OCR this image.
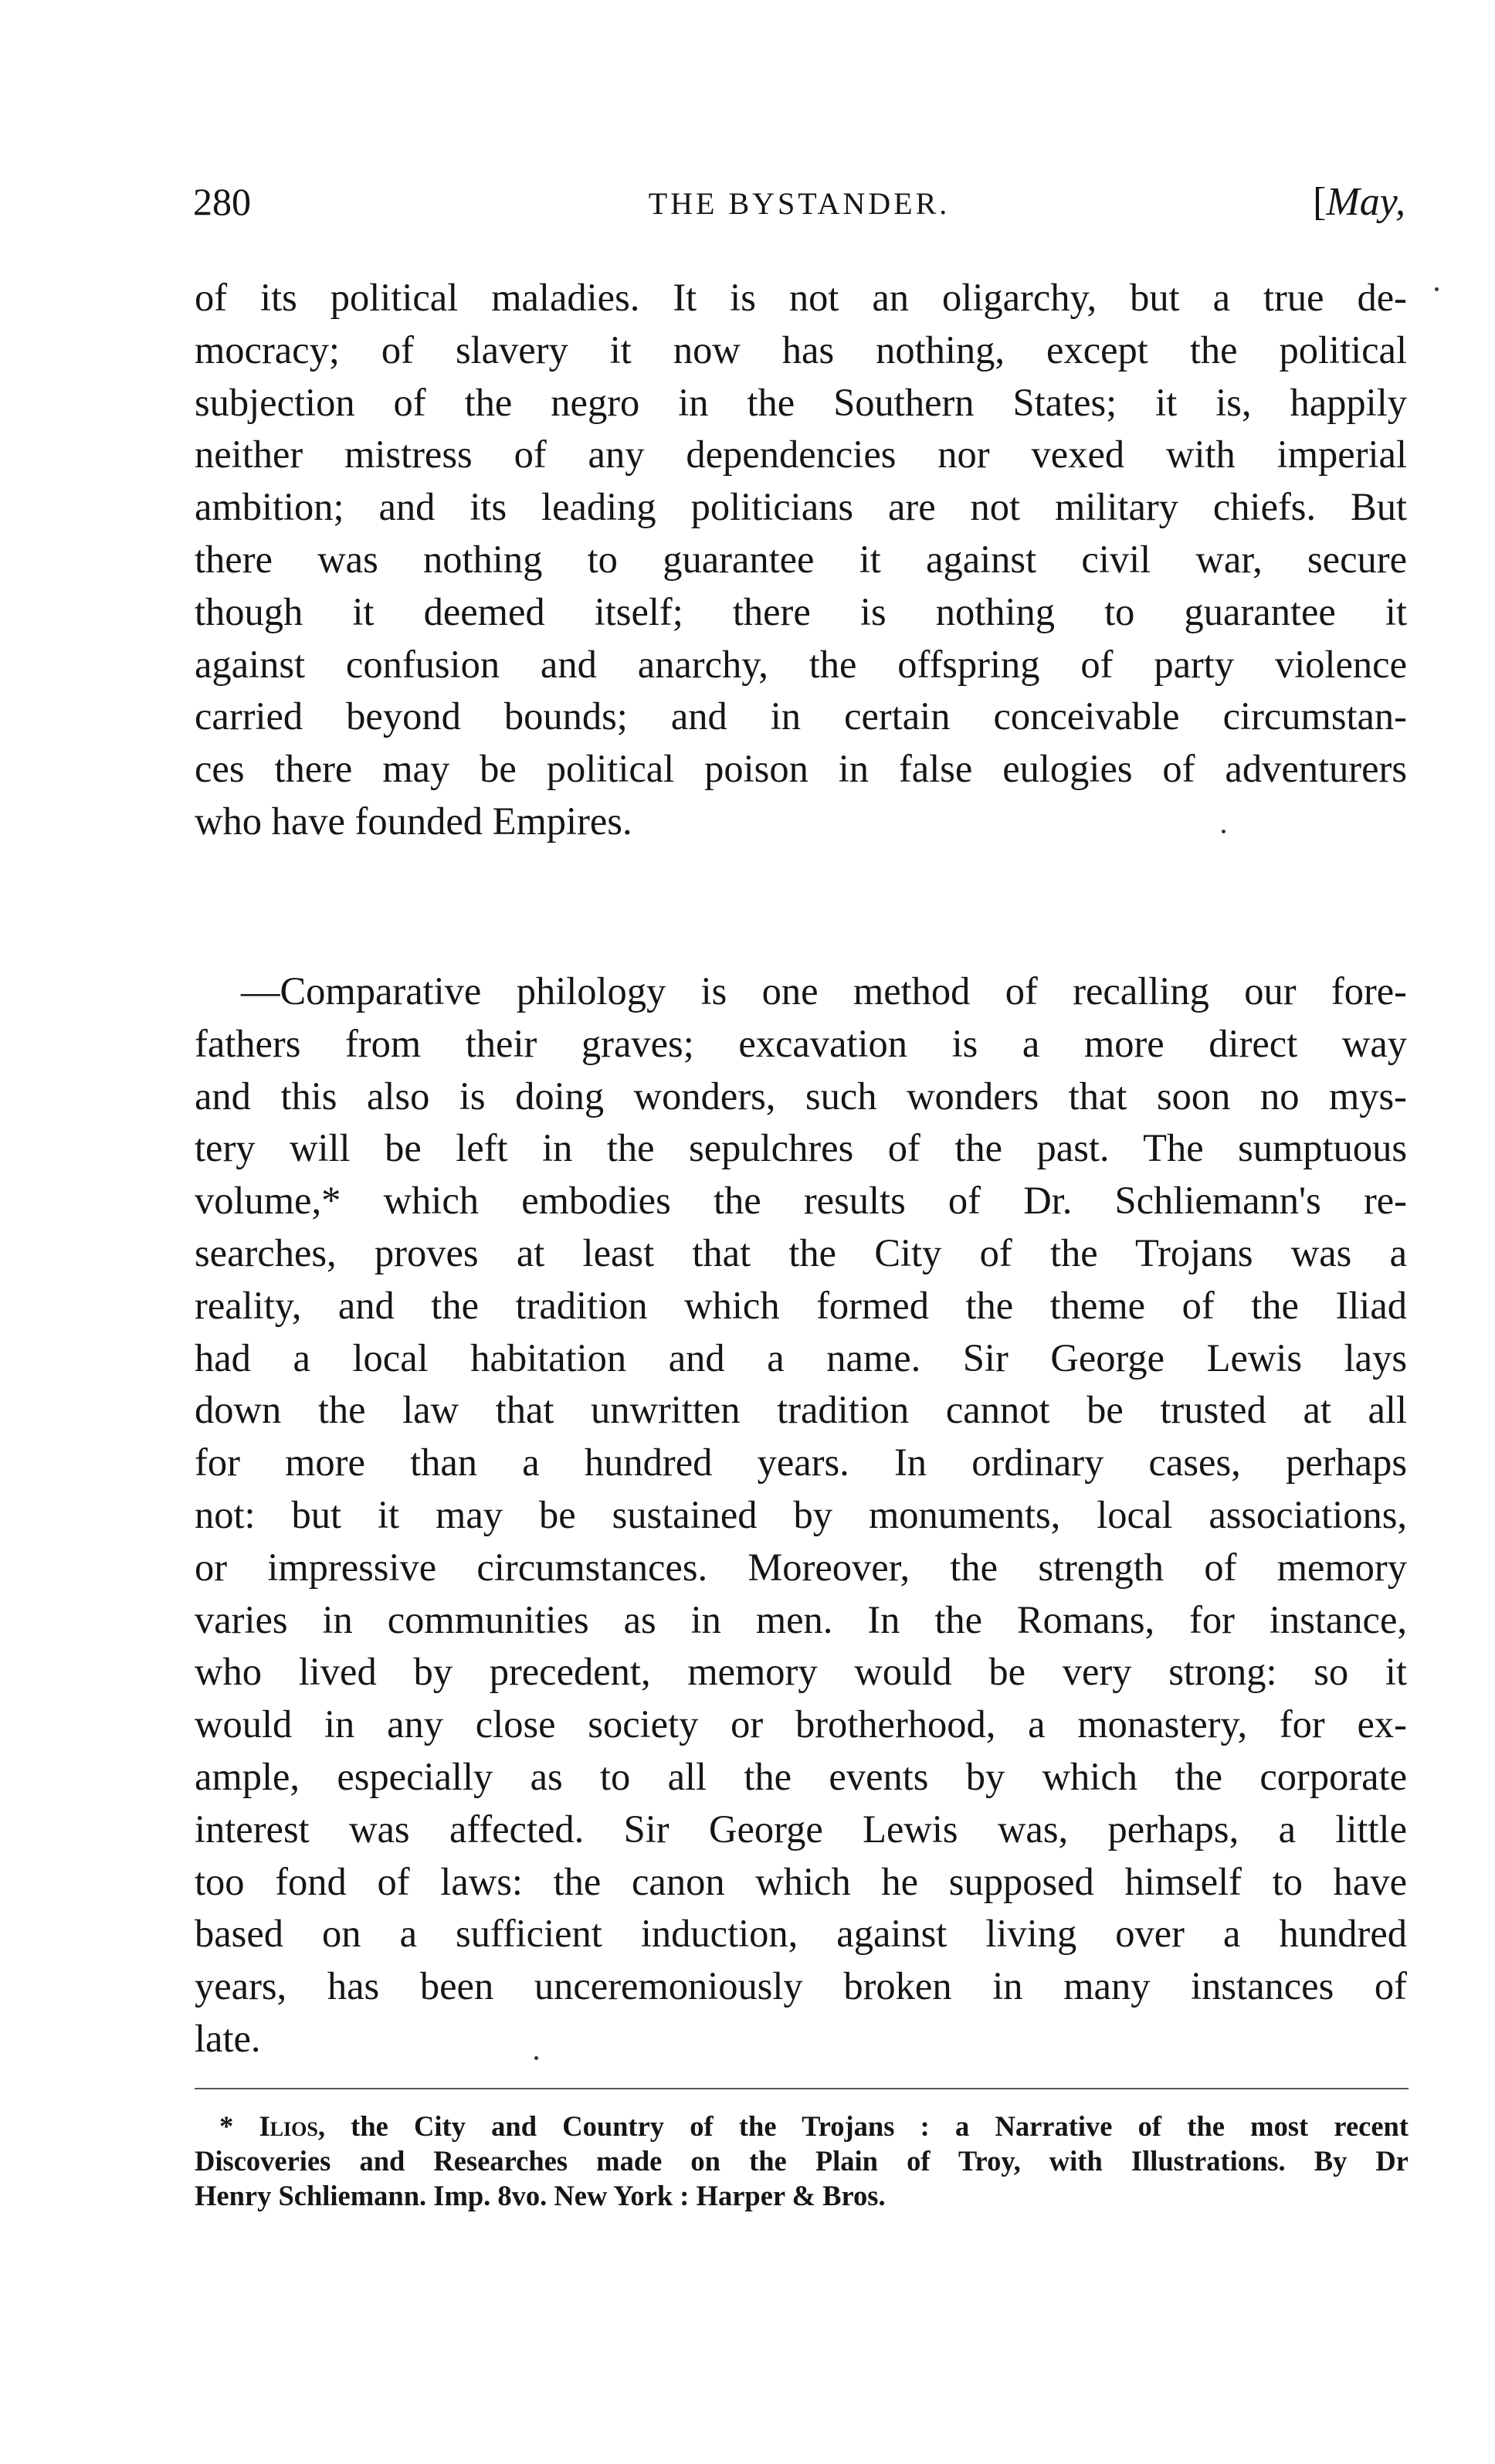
280	THE BYSTANDER.	[May,
of its political maladies. It is not an oligarchy, but a true de-
mocracy; of slavery it now has nothing, except the political
subjection of the negro in the Southern States; it is, happily
neither mistress of any dependencies nor vexed with imperial
ambition; and its leading politicians are not military chiefs. But
there was nothing to guarantee it against civil war, secure
though it deemed itself; there is nothing to guarantee it
against confusion and anarchy, the offspring of party violence
carried beyond bounds; and in certain conceivable circumstan-
ces there may be political poison in false eulogies of adventurers
who have founded Empires.
—Comparative philology is one method of recalling our fore-
fathers from their graves; excavation is a more direct way
and this also is doing wonders, such wonders that soon no mys-
tery will be left in the sepulchres of the past. The sumptuous
volume,* which embodies the results of Dr. Schliemann's re-
searches, proves at least that the City of the Trojans was a
reality, and the tradition which formed the theme of the Iliad
had a local habitation and a name. Sir George Lewis lays
down the law that unwritten tradition cannot be trusted at all
for more than a hundred years. In ordinary cases, perhaps
not: but it may be sustained by monuments, local associations,
or impressive circumstances. Moreover, the strength of memory
varies in communities as in men. In the Romans, for instance,
who lived by precedent, memory would be very strong: so it
would in any close society or brotherhood, a monastery, for ex-
ample, especially as to all the events by which the corporate
interest was affected. Sir George Lewis was, perhaps, a little
too fond of laws: the canon which he supposed himself to have
based on a sufficient induction, against living over a hundred
years, has been unceremoniously broken in many instances of
late.
* Ilios, the City and Country of the Trojans : a Narrative of the most recent
Discoveries and Researches made on the Plain of Troy, with Illustrations. By Dr
Henry Schliemann. Imp. 8vo. New York : Harper & Bros.
